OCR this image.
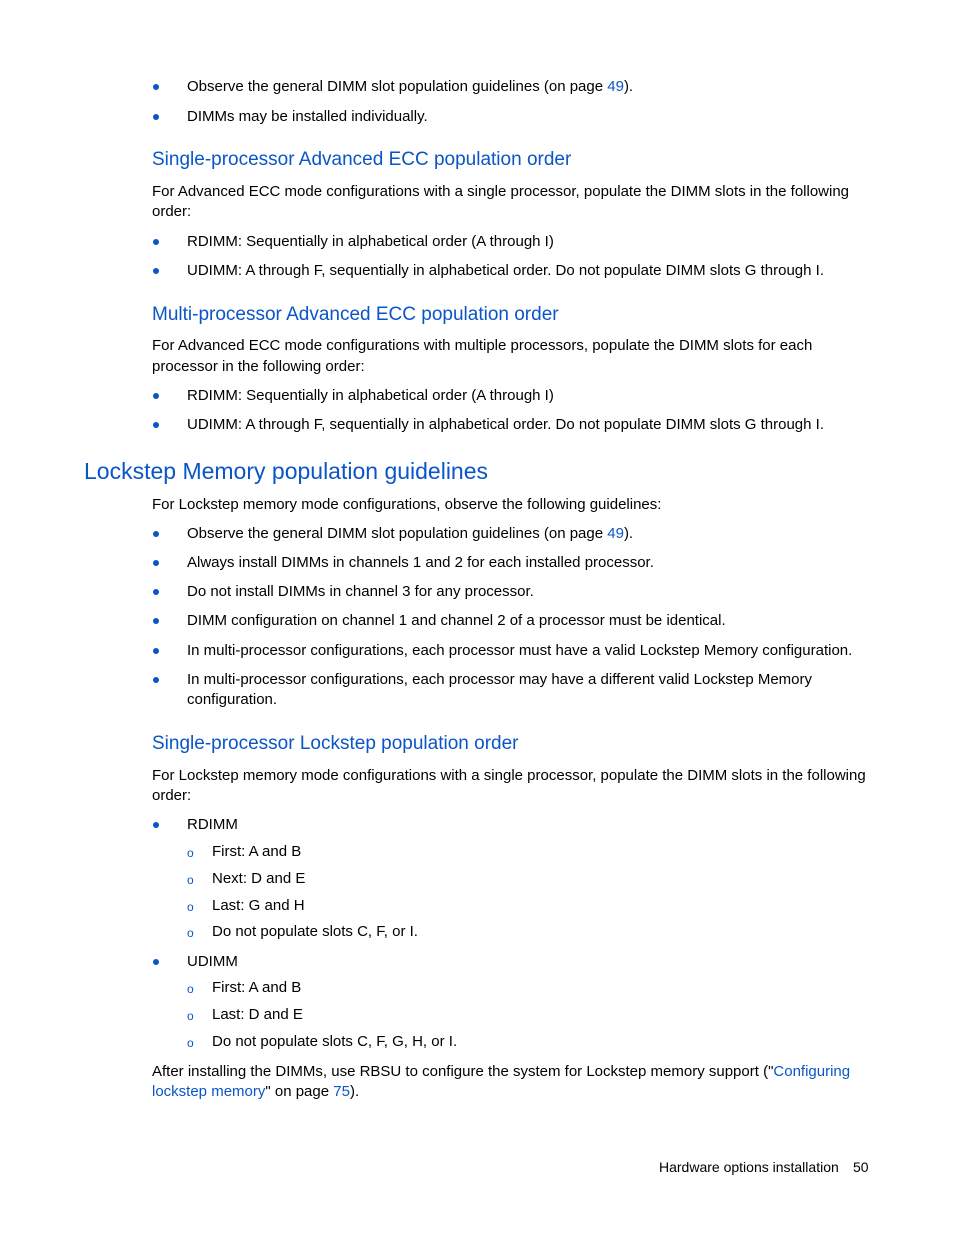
Observe the general DIMM slot population guidelines (on page 49).
DIMMs may be installed individually.
Single-processor Advanced ECC population order
For Advanced ECC mode configurations with a single processor, populate the DIMM slots in the following
order:
RDIMM: Sequentially in alphabetical order (A through I)
UDIMM: A through F, sequentially in alphabetical order. Do not populate DIMM slots G through I.
Multi-processor Advanced ECC population order
For Advanced ECC mode configurations with multiple processors, populate the DIMM slots for each
processor in the following order:
RDIMM: Sequentially in alphabetical order (A through I)
UDIMM: A through F, sequentially in alphabetical order. Do not populate DIMM slots G through I.
Lockstep Memory population guidelines
For Lockstep memory mode configurations, observe the following guidelines:
Observe the general DIMM slot population guidelines (on page 49).
Always install DIMMs in channels 1 and 2 for each installed processor.
Do not install DIMMs in channel 3 for any processor.
DIMM configuration on channel 1 and channel 2 of a processor must be identical.
In multi-processor configurations, each processor must have a valid Lockstep Memory configuration.
In multi-processor configurations, each processor may have a different valid Lockstep Memory
configuration.
Single-processor Lockstep population order
For Lockstep memory mode configurations with a single processor, populate the DIMM slots in the following
order:
RDIMM
o First: A and B
o Next: D and E
o Last: G and H
o Do not populate slots C, F, or I.
UDIMM
o First: A and B
o Last: D and E
o Do not populate slots C, F, G, H, or I.
After installing the DIMMs, use RBSU to configure the system for Lockstep memory support ("Configuring
lockstep memory" on page 75).
Hardware options installation 50
